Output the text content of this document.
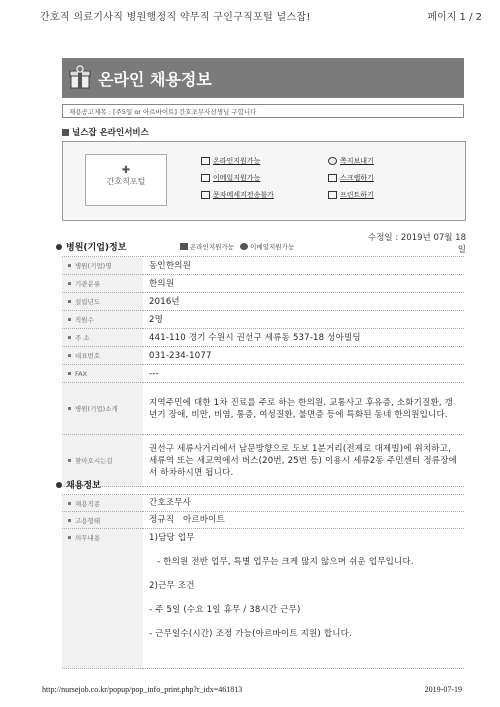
간호직 의료기사직 병원행정직 약무직 구인구직포털 널스잡!	페이지 1 / 2
온라인 채용정보
채용공고제목 : [주5일 or 아르바이트] 간호조무사선생님 구합니다
널스잡 온라인서비스
✚
간호직포털
온라인지원가능	쪽지보내기
이메일지원가능	스크랩하기
문자메세지전송불가	프린트하기
수정일 : 2019년 07월 18
일
병원(기업)정보	온라인지원가능 이메일지원가능
병원(기업)명	동인한의원
기관분류	한의원
설립년도	2016년
직원수	2명
주 소	441-110 경기 수원시 권선구 세류동 537-18 성아빌딩
대표번호	031-234-1077
FAX	---
병원(기업)소개	지역주민에 대한 1차 진료를 주로 하는 한의원. 교통사고 후유증, 소화기질환, 갱년기 장애, 비만, 비염, 통증, 여성질환, 불면증 등에 특화된 동네 한의원입니다.
찾아오시는길	권선구 세류사거리에서 남문방향으로 도보 1분거리(전제로 대제빌)에 위치하고, 세류역 또는 세교역에서 버스(20번, 25번 등) 이용시 세류2동 주민센터 정류장에서 하차하시면 됩니다.
채용정보
채용직종	간호조무사
고용형태	정규직   아르바이트
의무내용	1)담당 업무
- 한의원 전반 업무, 특별 업무는 크게 많지 않으며 쉬운 업무입니다.
2)근무 조건
- 주 5일 (수요 1일 휴무 / 38시간 근무)
- 근무일수(시간) 조정 가능(아르바이트 지원) 합니다.
http://nursejob.co.kr/popup/pop_info_print.php?r_idx=461813	2019-07-19
